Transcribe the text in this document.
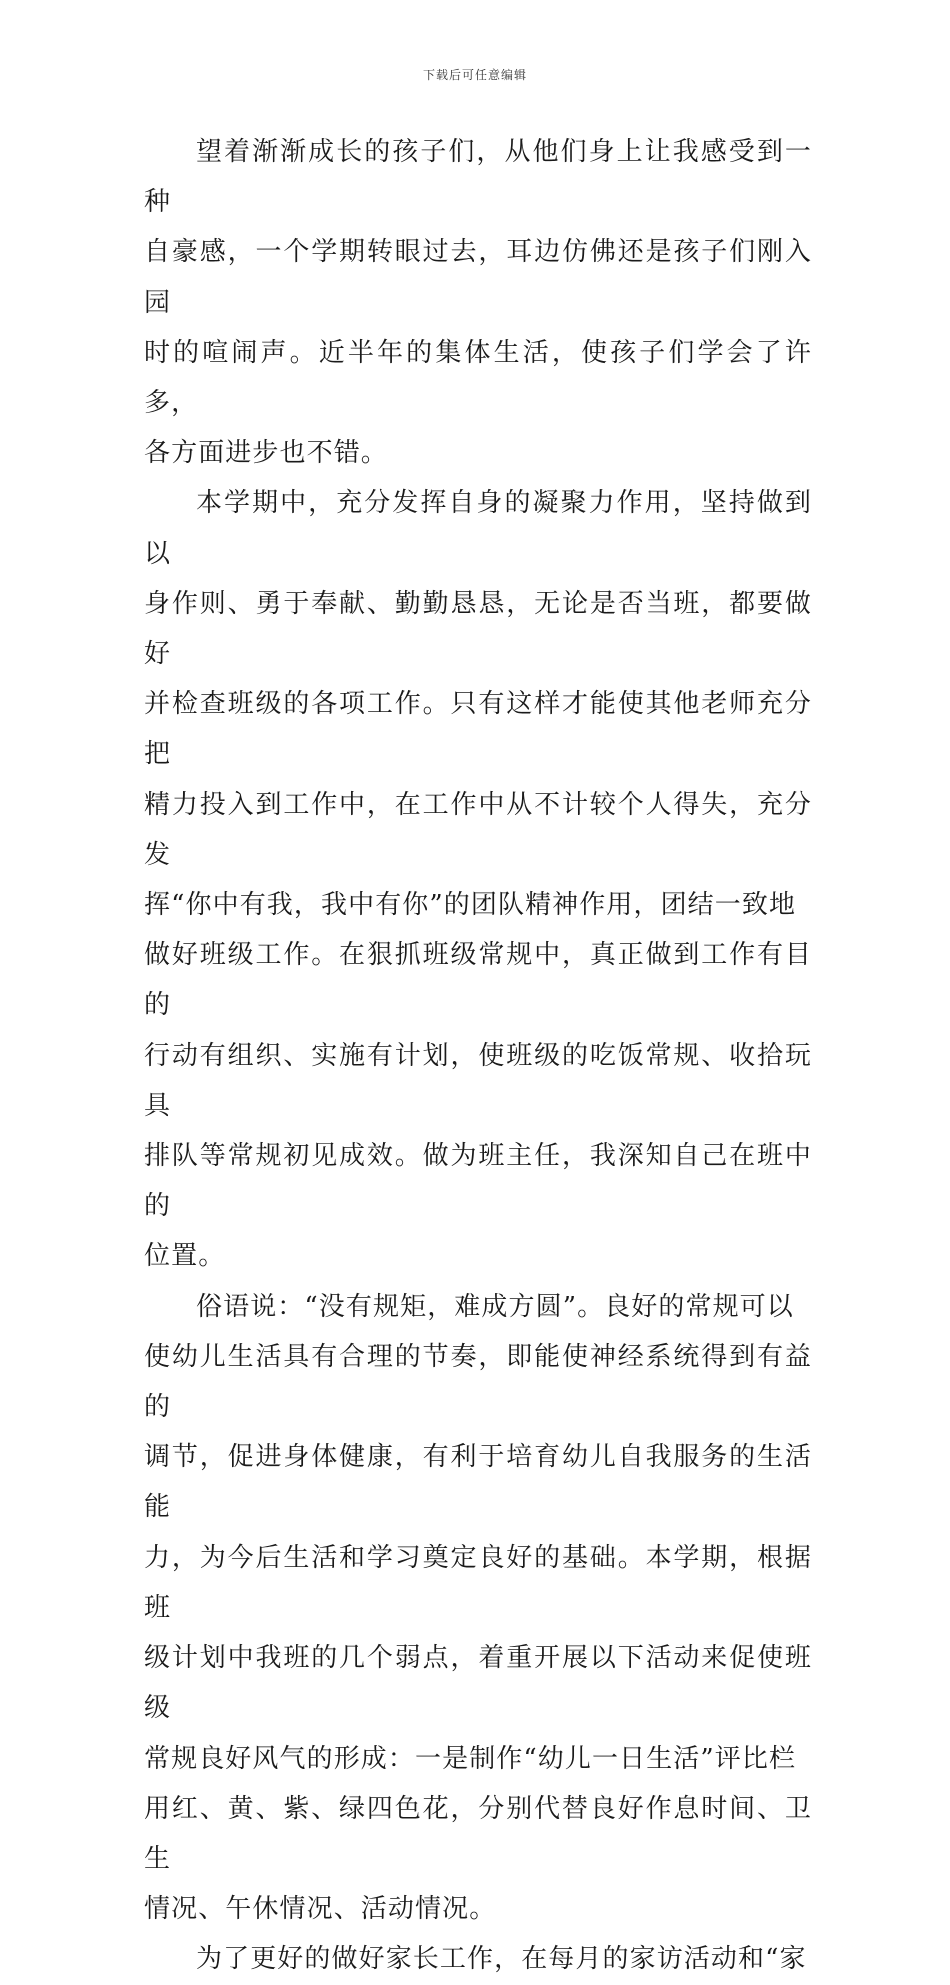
下载后可任意编辑

望着渐渐成长的孩子们，从他们身上让我感受到一种
自豪感，一个学期转眼过去，耳边仿佛还是孩子们刚入园
时的喧闹声。近半年的集体生活，使孩子们学会了许多，
各方面进步也不错。

本学期中，充分发挥自身的凝聚力作用，坚持做到以
身作则、勇于奉献、勤勤恳恳，无论是否当班，都要做好
并检查班级的各项工作。只有这样才能使其他老师充分把
精力投入到工作中，在工作中从不计较个人得失，充分发
挥“你中有我，我中有你”的团队精神作用，团结一致地
做好班级工作。在狠抓班级常规中，真正做到工作有目的
行动有组织、实施有计划，使班级的吃饭常规、收拾玩具
排队等常规初见成效。做为班主任，我深知自己在班中的
位置。

俗语说：“没有规矩，难成方圆”。良好的常规可以
使幼儿生活具有合理的节奏，即能使神经系统得到有益的
调节，促进身体健康，有利于培育幼儿自我服务的生活能
力，为今后生活和学习奠定良好的基础。本学期，根据班
级计划中我班的几个弱点，着重开展以下活动来促使班级
常规良好风气的形成：一是制作“幼儿一日生活”评比栏
用红、黄、紫、绿四色花，分别代替良好作息时间、卫生
情况、午休情况、活动情况。

为了更好的做好家长工作，在每月的家访活动和“家
